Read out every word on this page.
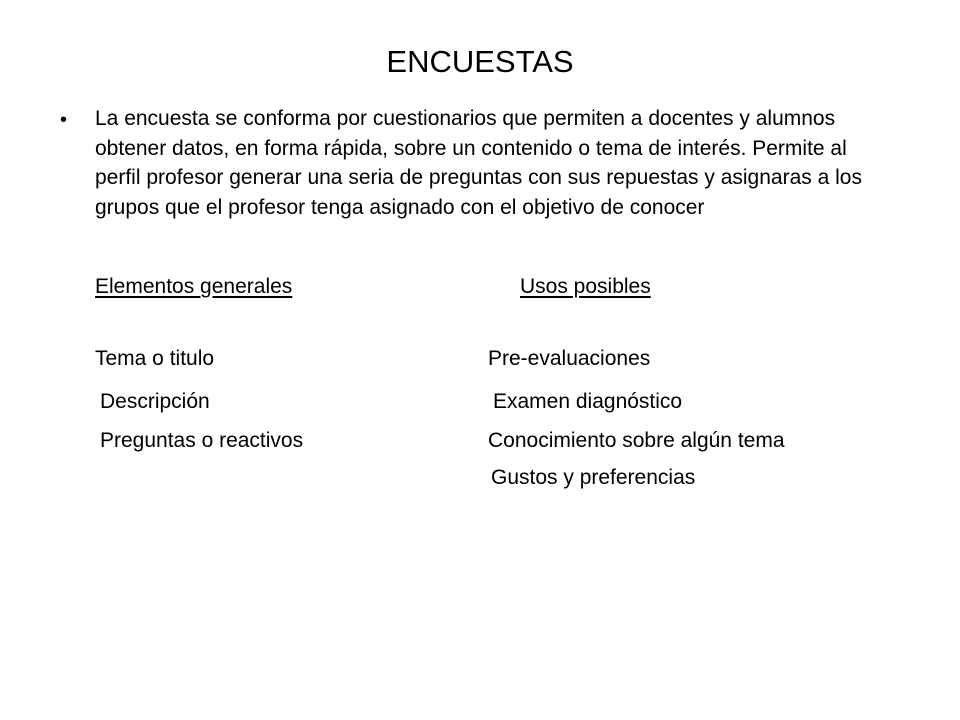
ENCUESTAS
• La encuesta se conforma por cuestionarios que permiten a docentes y alumnos obtener datos, en forma rápida, sobre un contenido o tema de interés. Permite al perfil profesor generar una seria de preguntas con sus repuestas y asignaras a los grupos que el profesor tenga asignado con el objetivo de conocer
Elementos generales	Usos posibles
Tema o titulo
Descripción
Preguntas o reactivos
Pre-evaluaciones
Examen diagnóstico
Conocimiento sobre algún tema
Gustos y preferencias
